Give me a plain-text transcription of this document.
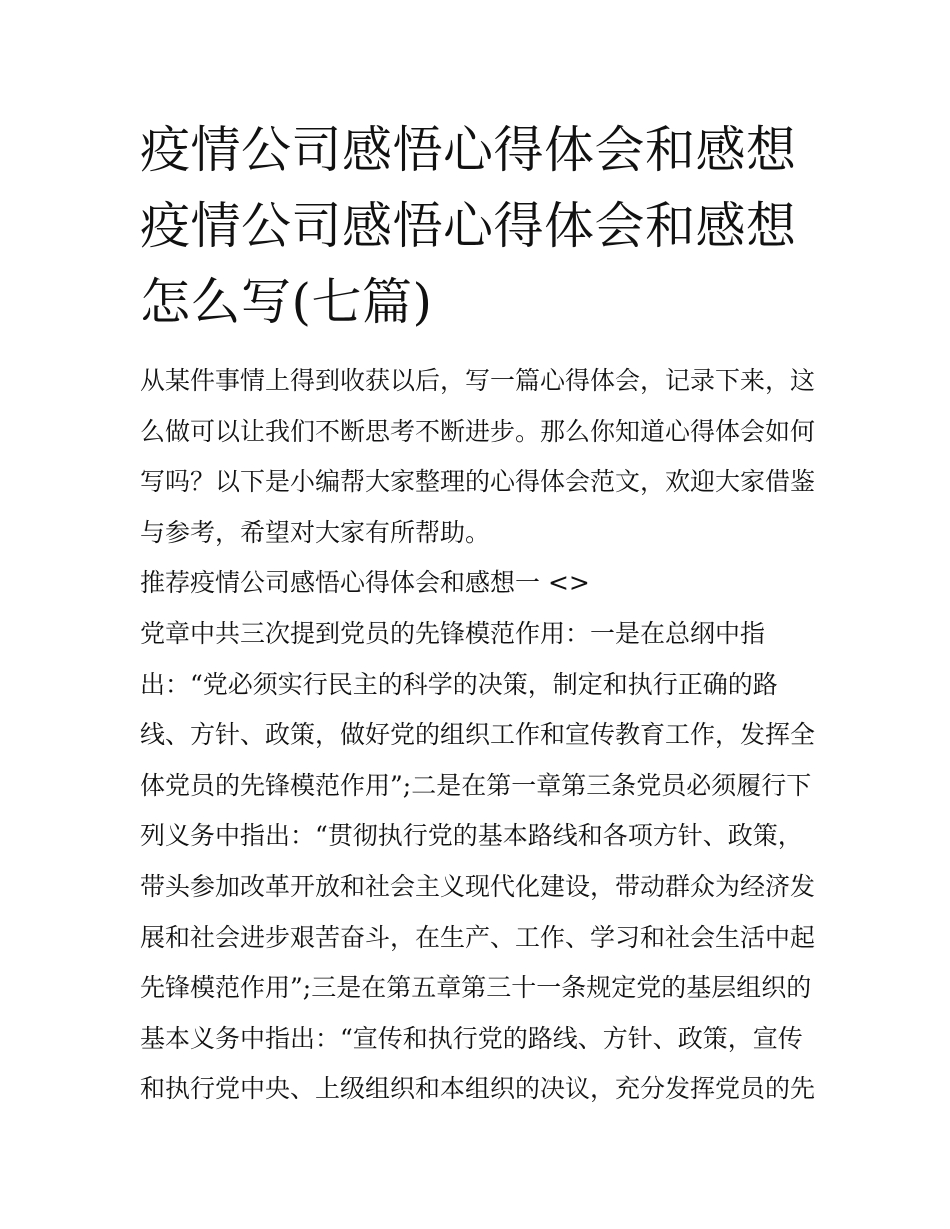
疫情公司感悟心得体会和感想
疫情公司感悟心得体会和感想
怎么写(七篇)
从某件事情上得到收获以后，写一篇心得体会，记录下来，这
么做可以让我们不断思考不断进步。那么你知道心得体会如何
写吗？以下是小编帮大家整理的心得体会范文，欢迎大家借鉴
与参考，希望对大家有所帮助。
推荐疫情公司感悟心得体会和感想一 <>
党章中共三次提到党员的先锋模范作用：一是在总纲中指
出：“党必须实行民主的科学的决策，制定和执行正确的路
线、方针、政策，做好党的组织工作和宣传教育工作，发挥全
体党员的先锋模范作用”;二是在第一章第三条党员必须履行下
列义务中指出：“贯彻执行党的基本路线和各项方针、政策，
带头参加改革开放和社会主义现代化建设，带动群众为经济发
展和社会进步艰苦奋斗，在生产、工作、学习和社会生活中起
先锋模范作用”;三是在第五章第三十一条规定党的基层组织的
基本义务中指出：“宣传和执行党的路线、方针、政策，宣传
和执行党中央、上级组织和本组织的决议，充分发挥党员的先
